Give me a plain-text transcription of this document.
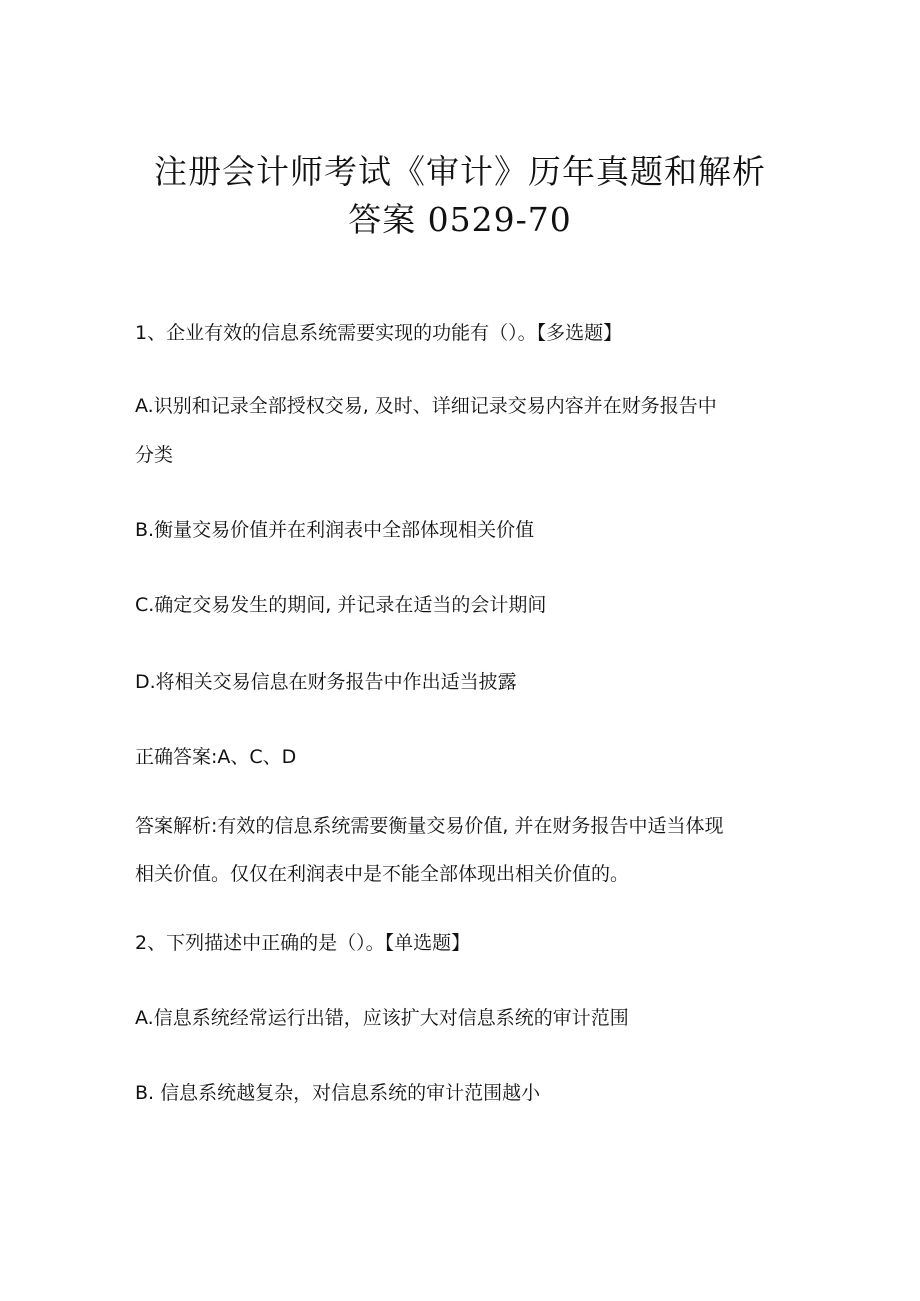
注册会计师考试《审计》历年真题和解析
答案 0529-70
1、企业有效的信息系统需要实现的功能有（）。【多选题】
A.识别和记录全部授权交易, 及时、详细记录交易内容并在财务报告中
分类
B.衡量交易价值并在利润表中全部体现相关价值
C.确定交易发生的期间, 并记录在适当的会计期间
D.将相关交易信息在财务报告中作出适当披露
正确答案:A、C、D
答案解析:有效的信息系统需要衡量交易价值, 并在财务报告中适当体现
相关价值。仅仅在利润表中是不能全部体现出相关价值的。
2、下列描述中正确的是（）。【单选题】
A.信息系统经常运行出错，应该扩大对信息系统的审计范围
B. 信息系统越复杂，对信息系统的审计范围越小
